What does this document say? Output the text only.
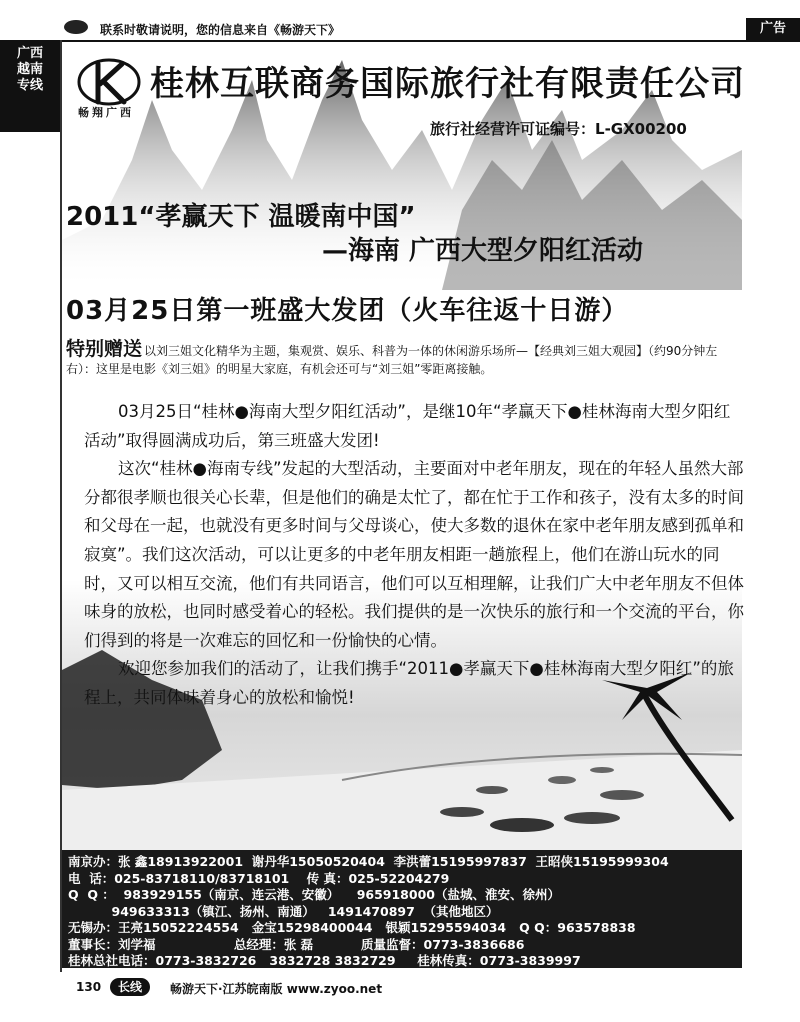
联系时敬请说明，您的信息来自《畅游天下》	广告
广西越南专线
畅翔广西
桂林互联商务国际旅行社有限责任公司
旅行社经营许可证编号：L-GX00200
2011“孝赢天下 温暖南中国”
—海南 广西大型夕阳红活动
03月25日第一班盛大发团（火车往返十日游）
特别赠送 以刘三姐文化精华为主题，集观赏、娱乐、科普为一体的休闲游乐场所—【经典刘三姐大观园】（约90分钟左右）：这里是电影《刘三姐》的明星大家庭，有机会还可与“刘三姐”零距离接触。

03月25日“桂林●海南大型夕阳红活动”，是继10年“孝赢天下●桂林海南大型夕阳红活动”取得圆满成功后，第三班盛大发团!

这次“桂林●海南专线”发起的大型活动，主要面对中老年朋友，现在的年轻人虽然大部分都很孝顺也很关心长辈，但是他们的确是太忙了，都在忙于工作和孩子，没有太多的时间和父母在一起，也就没有更多时间与父母谈心，使大多数的退休在家中老年朋友感到孤单和寂寞”。我们这次活动，可以让更多的中老年朋友相距一趟旅程上，他们在游山玩水的同时，又可以相互交流，他们有共同语言，他们可以互相理解，让我们广大中老年朋友不但体味身的放松，也同时感受着心的轻松。我们提供的是一次快乐的旅行和一个交流的平台，你们得到的将是一次难忘的回忆和一份愉快的心情。

欢迎您参加我们的活动了，让我们携手“2011●孝赢天下●桂林海南大型夕阳红”的旅程上，共同体味着身心的放松和愉悦!

南京办：张 鑫18913922001  谢丹华15050520404  李洪蕾15195997837  王昭侠15195999304
电  话：025-83718110/83718101    传 真：025-52204279
Q  Q ：  983929155（南京、连云港、安徽）    965918000（盐城、淮安、徐州）
949633313（镇江、扬州、南通）   1491470897  （其他地区）
无锡办：王亮15052224554   金宝15298400044   银颖15295594034   Q Q：963578838
董事长：刘学福                  总经理：张 磊           质量监督：0773-3836686
桂林总社电话：0773-3832726   3832728 3832729     桂林传真：0773-3839997
130	长线	畅游天下·江苏皖南版 www.zyoo.net
